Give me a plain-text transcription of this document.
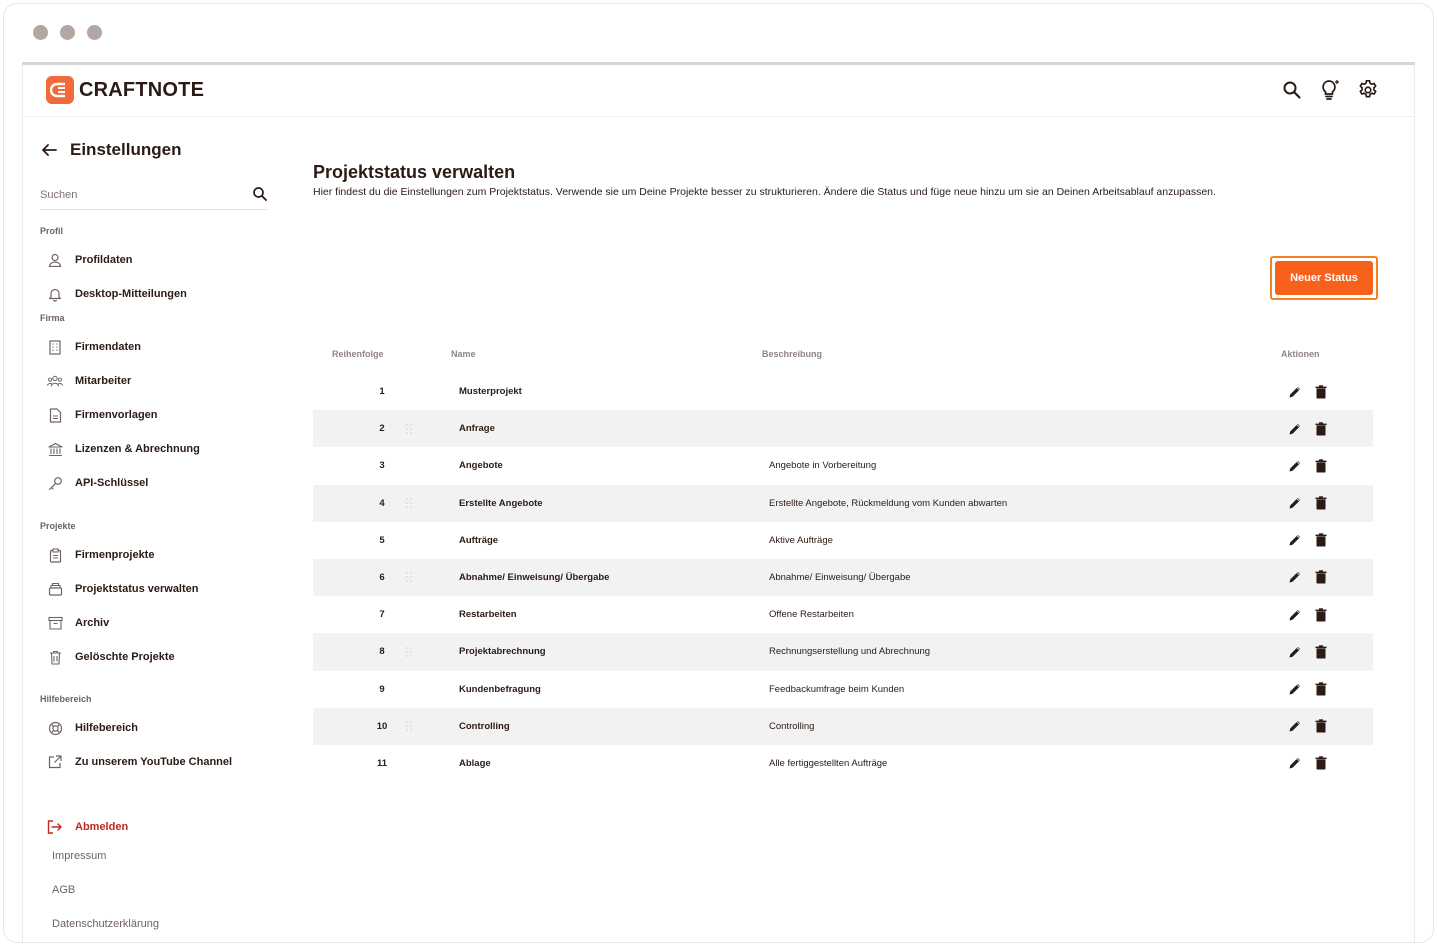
CRAFTNOTE
Einstellungen
Suchen
Profil
Profildaten
Desktop-Mitteilungen
Firma
Firmendaten
Mitarbeiter
Firmenvorlagen
Lizenzen & Abrechnung
API-Schlüssel
Projekte
Firmenprojekte
Projektstatus verwalten
Archiv
Gelöschte Projekte
Hilfebereich
Hilfebereich
Zu unserem YouTube Channel
Abmelden
Impressum
AGB
Datenschutzerklärung
Projektstatus verwalten

Hier findest du die Einstellungen zum Projektstatus. Verwende sie um Deine Projekte besser zu strukturieren. Ändere die Status und füge neue hinzu um sie an Deinen Arbeitsablauf anzupassen.

Neuer Status
Reihenfolge	Name	Beschreibung	Aktionen
1	Musterprojekt
2	Anfrage
3	Angebote	Angebote in Vorbereitung
4	Erstellte Angebote	Erstellte Angebote, Rückmeldung vom Kunden abwarten
5	Aufträge	Aktive Aufträge
6	Abnahme/ Einweisung/ Übergabe	Abnahme/ Einweisung/ Übergabe
7	Restarbeiten	Offene Restarbeiten
8	Projektabrechnung	Rechnungserstellung und Abrechnung
9	Kundenbefragung	Feedbackumfrage beim Kunden
10	Controlling	Controlling
11	Ablage	Alle fertiggestellten Aufträge
